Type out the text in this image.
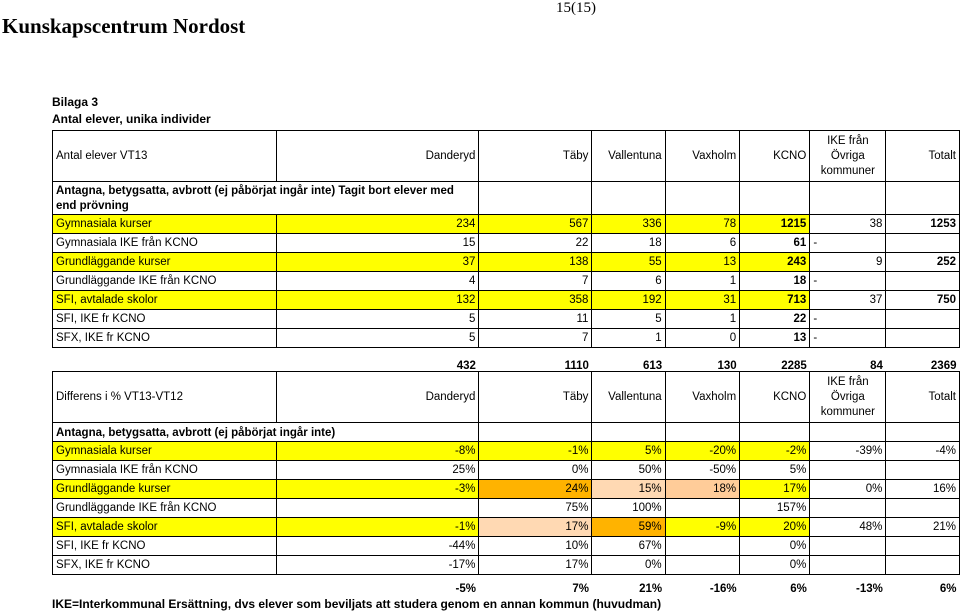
Kunskapscentrum Nordost
15(15)
Bilaga 3
Antal elever, unika individer
Antal elever VT13	Danderyd	Täby	Vallentuna	Vaxholm	KCNO	IKE från
Övriga
kommuner	Totalt
Antagna, betygsatta, avbrott (ej påbörjat ingår inte) Tagit bort elever med end prövning							
Gymnasiala kurser	234	567	336	78	1215	38	1253
Gymnasiala IKE från KCNO	15	22	18	6	61	-	
Grundläggande kurser	37	138	55	13	243	9	252
Grundläggande IKE från KCNO	4	7	6	1	18	-	
SFI, avtalade skolor	132	358	192	31	713	37	750
SFI, IKE fr KCNO	5	11	5	1	22	-	
SFX, IKE fr KCNO	5	7	1	0	13	-	
	432	1110	613	130	2285	84	2369
Differens i % VT13-VT12	Danderyd	Täby	Vallentuna	Vaxholm	KCNO	IKE från
Övriga
kommuner	Totalt
Antagna, betygsatta, avbrott (ej påbörjat ingår inte)							
Gymnasiala kurser	-8%	-1%	5%	-20%	-2%	-39%	-4%
Gymnasiala IKE från KCNO	25%	0%	50%	-50%	5%		
Grundläggande kurser	-3%	24%	15%	18%	17%	0%	16%
Grundläggande IKE från KCNO		75%	100%		157%		
SFI, avtalade skolor	-1%	17%	59%	-9%	20%	48%	21%
SFI, IKE fr KCNO	-44%	10%	67%		0%		
SFX, IKE fr KCNO	-17%	17%	0%		0%		
	-5%	7%	21%	-16%	6%	-13%	6%
IKE=Interkommunal Ersättning, dvs elever som beviljats att studera genom en annan kommun (huvudman)
